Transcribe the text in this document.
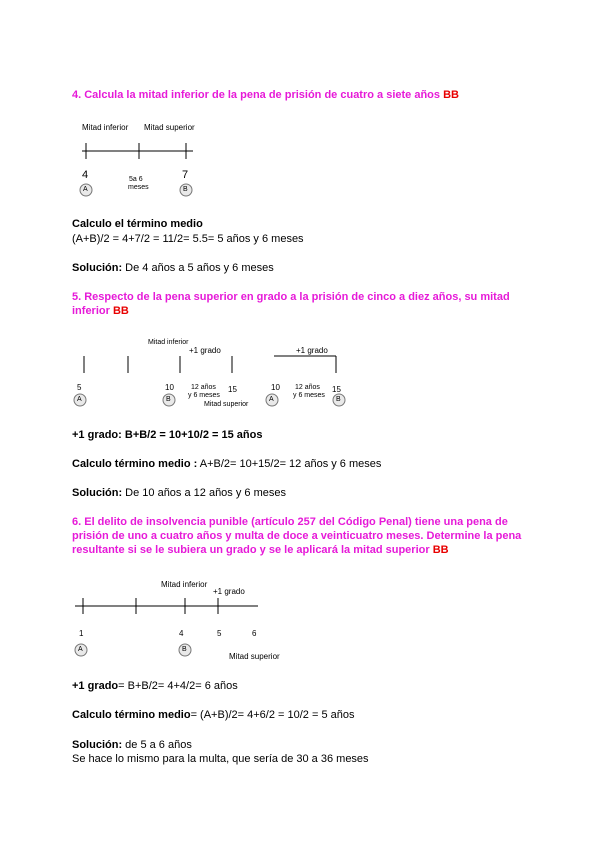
4. Calcula la mitad inferior de la pena de prisión de cuatro a siete años BB
Mitad inferior Mitad superior
4	7
5a 6
meses
A	B
Calculo el término medio
(A+B)/2 = 4+7/2 = 11/2= 5.5= 5 años y 6 meses
Solución: De 4 años a 5 años y 6 meses
5. Respecto de la pena superior en grado a la prisión de cinco a diez años, su mitad inferior BB
Mitad inferior
+1 grado	+1 grado
5	10	15	10	15
12 años
y 6 meses
12 años
y 6 meses
Mitad superior
A	B	A	B
+1 grado: B+B/2 = 10+10/2 = 15 años
Calculo término medio : A+B/2= 10+15/2= 12 años y 6 meses
Solución: De 10 años a 12 años y 6 meses
6. El delito de insolvencia punible (artículo 257 del Código Penal) tiene una pena de prisión de uno a cuatro años y multa de doce a veinticuatro meses. Determine la pena resultante si se le subiera un grado y se le aplicará la mitad superior BB
Mitad inferior
+1 grado
1	4	5	6
A	B
Mitad superior
+1 grado= B+B/2= 4+4/2= 6 años
Calculo término medio= (A+B)/2= 4+6/2 = 10/2 = 5 años
Solución: de 5 a 6 años
Se hace lo mismo para la multa, que sería de 30 a 36 meses
